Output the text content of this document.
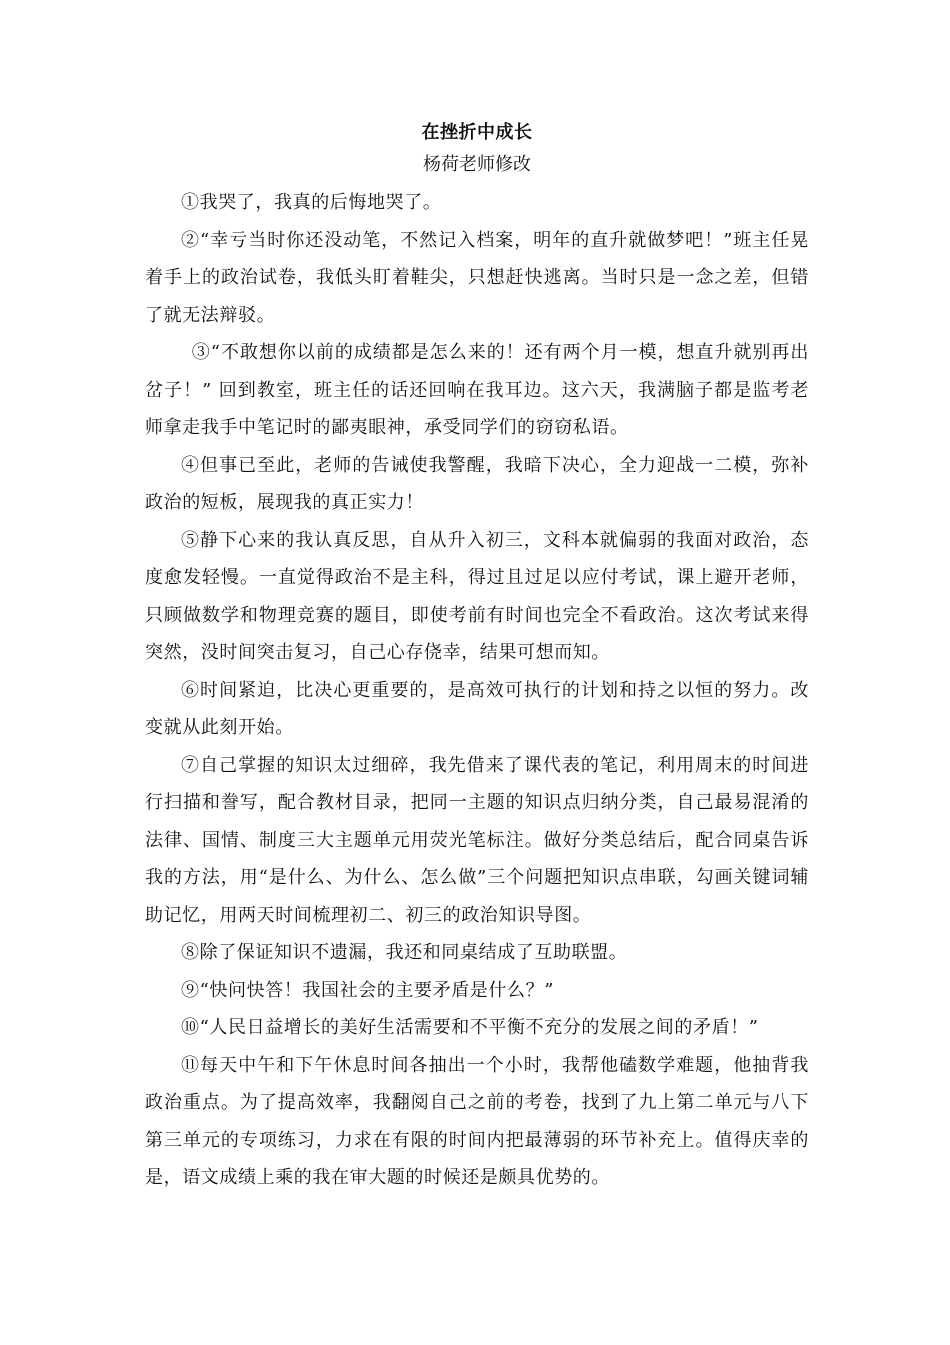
在挫折中成长
杨荷老师修改

①我哭了，我真的后悔地哭了。

②“幸亏当时你还没动笔，不然记入档案，明年的直升就做梦吧！”班主任晃着手上的政治试卷，我低头盯着鞋尖，只想赶快逃离。当时只是一念之差，但错了就无法辩驳。

③“不敢想你以前的成绩都是怎么来的！还有两个月一模，想直升就别再出岔子！” 回到教室，班主任的话还回响在我耳边。这六天，我满脑子都是监考老师拿走我手中笔记时的鄙夷眼神，承受同学们的窃窃私语。

④但事已至此，老师的告诫使我警醒，我暗下决心，全力迎战一二模，弥补政治的短板，展现我的真正实力！

⑤静下心来的我认真反思，自从升入初三，文科本就偏弱的我面对政治，态度愈发轻慢。一直觉得政治不是主科，得过且过足以应付考试，课上避开老师，只顾做数学和物理竞赛的题目，即使考前有时间也完全不看政治。这次考试来得突然，没时间突击复习，自己心存侥幸，结果可想而知。

⑥时间紧迫，比决心更重要的，是高效可执行的计划和持之以恒的努力。改变就从此刻开始。

⑦自己掌握的知识太过细碎，我先借来了课代表的笔记，利用周末的时间进行扫描和誊写，配合教材目录，把同一主题的知识点归纳分类，自己最易混淆的法律、国情、制度三大主题单元用荧光笔标注。做好分类总结后，配合同桌告诉我的方法，用“是什么、为什么、怎么做”三个问题把知识点串联，勾画关键词辅助记忆，用两天时间梳理初二、初三的政治知识导图。

⑧除了保证知识不遗漏，我还和同桌结成了互助联盟。

⑨“快问快答！我国社会的主要矛盾是什么？”

⑩“人民日益增长的美好生活需要和不平衡不充分的发展之间的矛盾！”

⑪每天中午和下午休息时间各抽出一个小时，我帮他磕数学难题，他抽背我政治重点。为了提高效率，我翻阅自己之前的考卷，找到了九上第二单元与八下第三单元的专项练习，力求在有限的时间内把最薄弱的环节补充上。值得庆幸的是，语文成绩上乘的我在审大题的时候还是颇具优势的。
